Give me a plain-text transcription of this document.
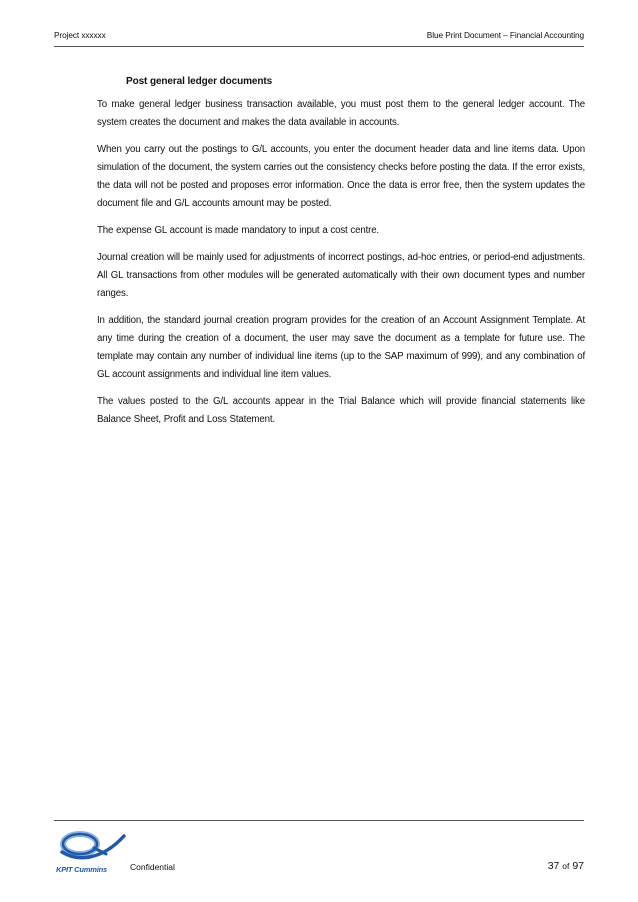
Project xxxxxx	Blue Print Document – Financial Accounting
Post general ledger documents

To make general ledger business transaction available, you must post them to the general ledger account. The system creates the document and makes the data available in accounts.

When you carry out the postings to G/L accounts, you enter the document header data and line items data. Upon simulation of the document, the system carries out the consistency checks before posting the data. If the error exists, the data will not be posted and proposes error information. Once the data is error free, then the system updates the document file and G/L accounts amount may be posted.

The expense GL account is made mandatory to input a cost centre.

Journal creation will be mainly used for adjustments of incorrect postings, ad-hoc entries, or period-end adjustments. All GL transactions from other modules will be generated automatically with their own document types and number ranges.

In addition, the standard journal creation program provides for the creation of an Account Assignment Template. At any time during the creation of a document, the user may save the document as a template for future use. The template may contain any number of individual line items (up to the SAP maximum of 999), and any combination of GL account assignments and individual line item values.

The values posted to the G/L accounts appear in the Trial Balance which will provide financial statements like Balance Sheet, Profit and Loss Statement.

KPIT Cummins	Confidential	37 of 97
